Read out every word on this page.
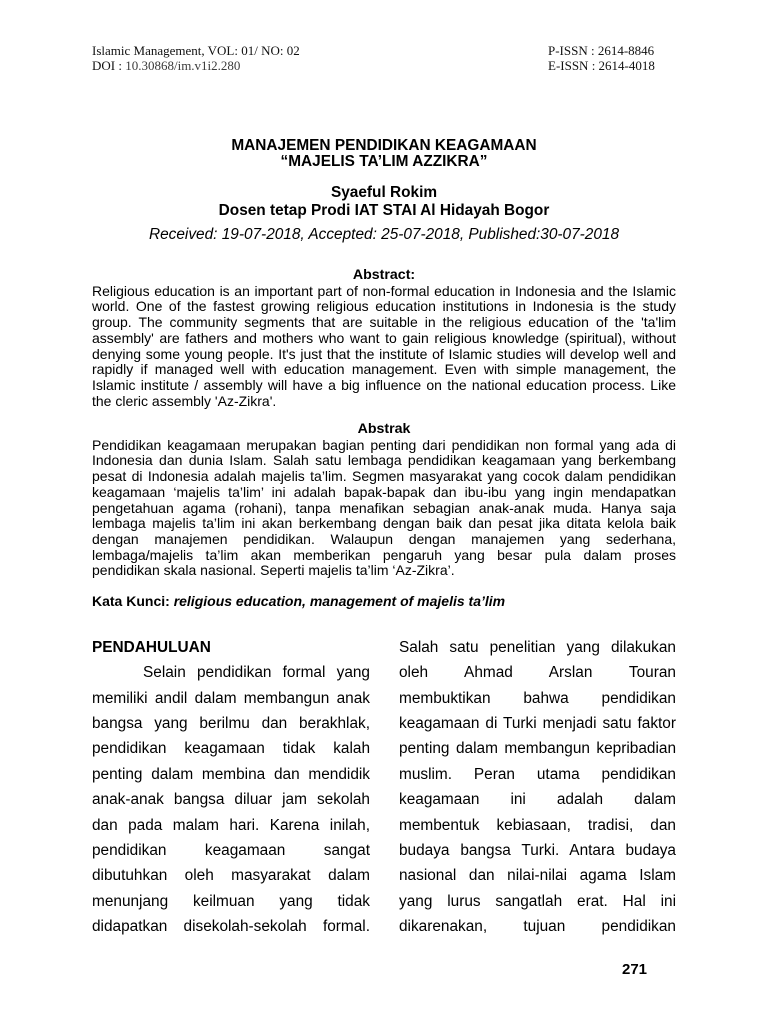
Islamic Management, VOL: 01/ NO: 02
DOI : 10.30868/im.v1i2.280
P-ISSN : 2614-8846
E-ISSN : 2614-4018
MANAJEMEN PENDIDIKAN KEAGAMAAN
“MAJELIS TA’LIM AZZIKRA”
Syaeful Rokim
Dosen tetap Prodi IAT STAI Al Hidayah Bogor
Received: 19-07-2018, Accepted: 25-07-2018, Published:30-07-2018
Abstract:
Religious education is an important part of non-formal education in Indonesia and the Islamic
world. One of the fastest growing religious education institutions in Indonesia is the study
group. The community segments that are suitable in the religious education of the 'ta'lim
assembly' are fathers and mothers who want to gain religious knowledge (spiritual), without
denying some young people. It's just that the institute of Islamic studies will develop well and
rapidly if managed well with education management. Even with simple management, the
Islamic institute / assembly will have a big influence on the national education process. Like
the cleric assembly 'Az-Zikra'.
Abstrak
Pendidikan keagamaan merupakan bagian penting dari pendidikan non formal yang ada di
Indonesia dan dunia Islam. Salah satu lembaga pendidikan keagamaan yang berkembang
pesat di Indonesia adalah majelis ta’lim. Segmen masyarakat yang cocok dalam pendidikan
keagamaan ‘majelis ta’lim’ ini adalah bapak-bapak dan ibu-ibu yang ingin mendapatkan
pengetahuan agama (rohani), tanpa menafikan sebagian anak-anak muda. Hanya saja
lembaga majelis ta’lim ini akan berkembang dengan baik dan pesat jika ditata kelola baik
dengan manajemen pendidikan. Walaupun dengan manajemen yang sederhana,
lembaga/majelis ta’lim akan memberikan pengaruh yang besar pula dalam proses
pendidikan skala nasional. Seperti majelis ta’lim ‘Az-Zikra’.
Kata Kunci: religious education, management of majelis ta’lim
PENDAHULUAN
Selain pendidikan formal yang
memiliki andil dalam membangun anak
bangsa yang berilmu dan berakhlak,
pendidikan keagamaan tidak kalah
penting dalam membina dan mendidik
anak-anak bangsa diluar jam sekolah
dan pada malam hari. Karena inilah,
pendidikan keagamaan sangat
dibutuhkan oleh masyarakat dalam
menunjang keilmuan yang tidak
didapatkan disekolah-sekolah formal.
Salah satu penelitian yang dilakukan
oleh Ahmad Arslan Touran
membuktikan bahwa pendidikan
keagamaan di Turki menjadi satu faktor
penting dalam membangun kepribadian
muslim. Peran utama pendidikan
keagamaan ini adalah dalam
membentuk kebiasaan, tradisi, dan
budaya bangsa Turki. Antara budaya
nasional dan nilai-nilai agama Islam
yang lurus sangatlah erat. Hal ini
dikarenakan, tujuan pendidikan
271
